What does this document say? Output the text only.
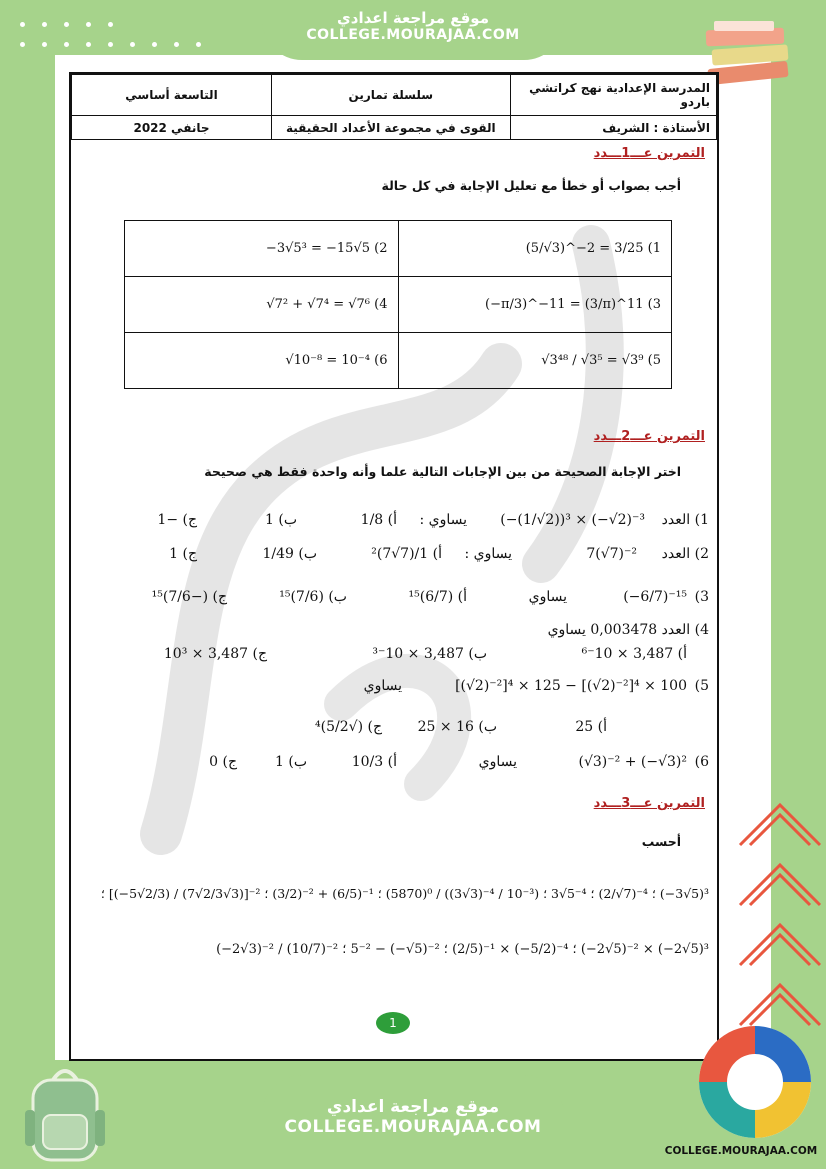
موقع مراجعة اعدادي
COLLEGE.MOURAJAA.COM
المدرسة الإعدادية نهج كراتشي باردو	سلسلة تمارين	التاسعة أساسي
الأستاذة : الشريف	القوى في مجموعة الأعداد الحقيقية	جانفي 2022
التمرين عـــ1ـــدد
أجب بصواب أو خطأ مع تعليل الإجابة في كل حالة
1) (5/√3)^−2 = 3/25	2) −3√5³ = −15√5
3) (−π/3)^−11 = (3/π)^11	4) √7² + √7⁴ = √7⁶
5) √3⁴⁸ / √3⁵ = √3⁹	6) √10⁻⁸ = 10⁻⁴
التمرين عـــ2ـــدد
اختر الإجابة الصحيحة من بين الإجابات التالية علما وأنه واحدة فقط هي صحيحة
1) العدد
(−(1/√2))³ × (−√2)⁻³
يساوي :
أ) 1/8
ب) 1
ج) −1
2) العدد
7(√7)⁻²
يساوي :
أ) 1/(7√7)²
ب) 1/49
ج) 1
3)
(−6/7)⁻¹⁵
يساوي
أ) (6/7)¹⁵
ب) (7/6)¹⁵
ج) (−7/6)¹⁵
4) العدد 0,003478 يساوي
أ) 3,487 × 10⁻⁶
ب) 3,487 × 10⁻³
ج) 3,487 × 10³
5)
[(√2)⁻²]⁴ × 125 − [(√2)⁻²]⁴ × 100
يساوي
أ) 25
ب) 16 × 25
ج) (√5/2)⁴
6)
(√3)⁻² + (−√3)²
يساوي
أ) 10/3
ب) 1
ج) 0
التمرين عـــ3ـــدد
أحسب
(−3√5)³ ؛ (2/√7)⁻⁴ ؛ 3√5⁻⁴ ؛ (5870)⁰ / ((3√3)⁻⁴ / 10⁻³) ؛ (3/2)⁻² + (6/5)⁻¹ ؛ [(−5√2/3) / (7√2/3√3)]⁻² ؛
(−2√5)⁻² × (−2√5)³ ؛ (2/5)⁻¹ × (−5/2)⁻⁴ ؛ 5⁻² − (−√5)⁻² ؛ (−2√3)⁻² / (10/7)⁻²
1
موقع مراجعة اعدادي
COLLEGE.MOURAJAA.COM
COLLEGE.MOURAJAA.COM
